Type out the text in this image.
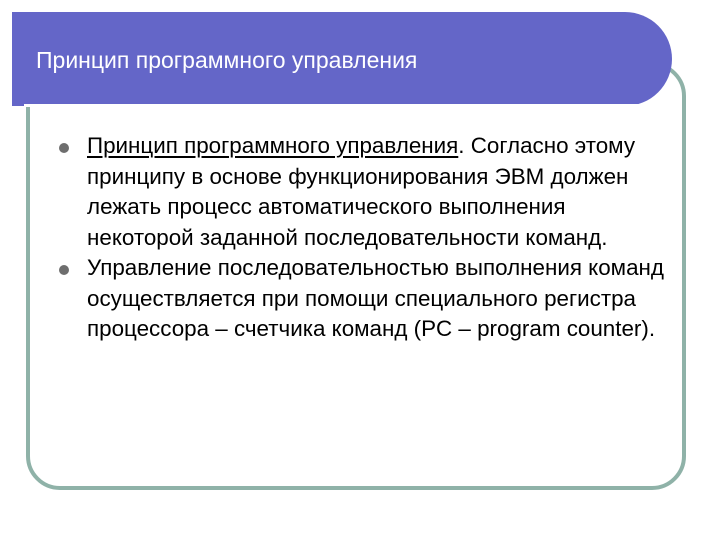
Принцип программного управления
Принцип программного управления. Согласно этому принципу в основе функционирования ЭВМ должен лежать процесс автоматического выполнения некоторой заданной последовательности команд.
Управление последовательностью выполнения команд осуществляется при помощи специального регистра процессора – счетчика команд (PC – program counter).
